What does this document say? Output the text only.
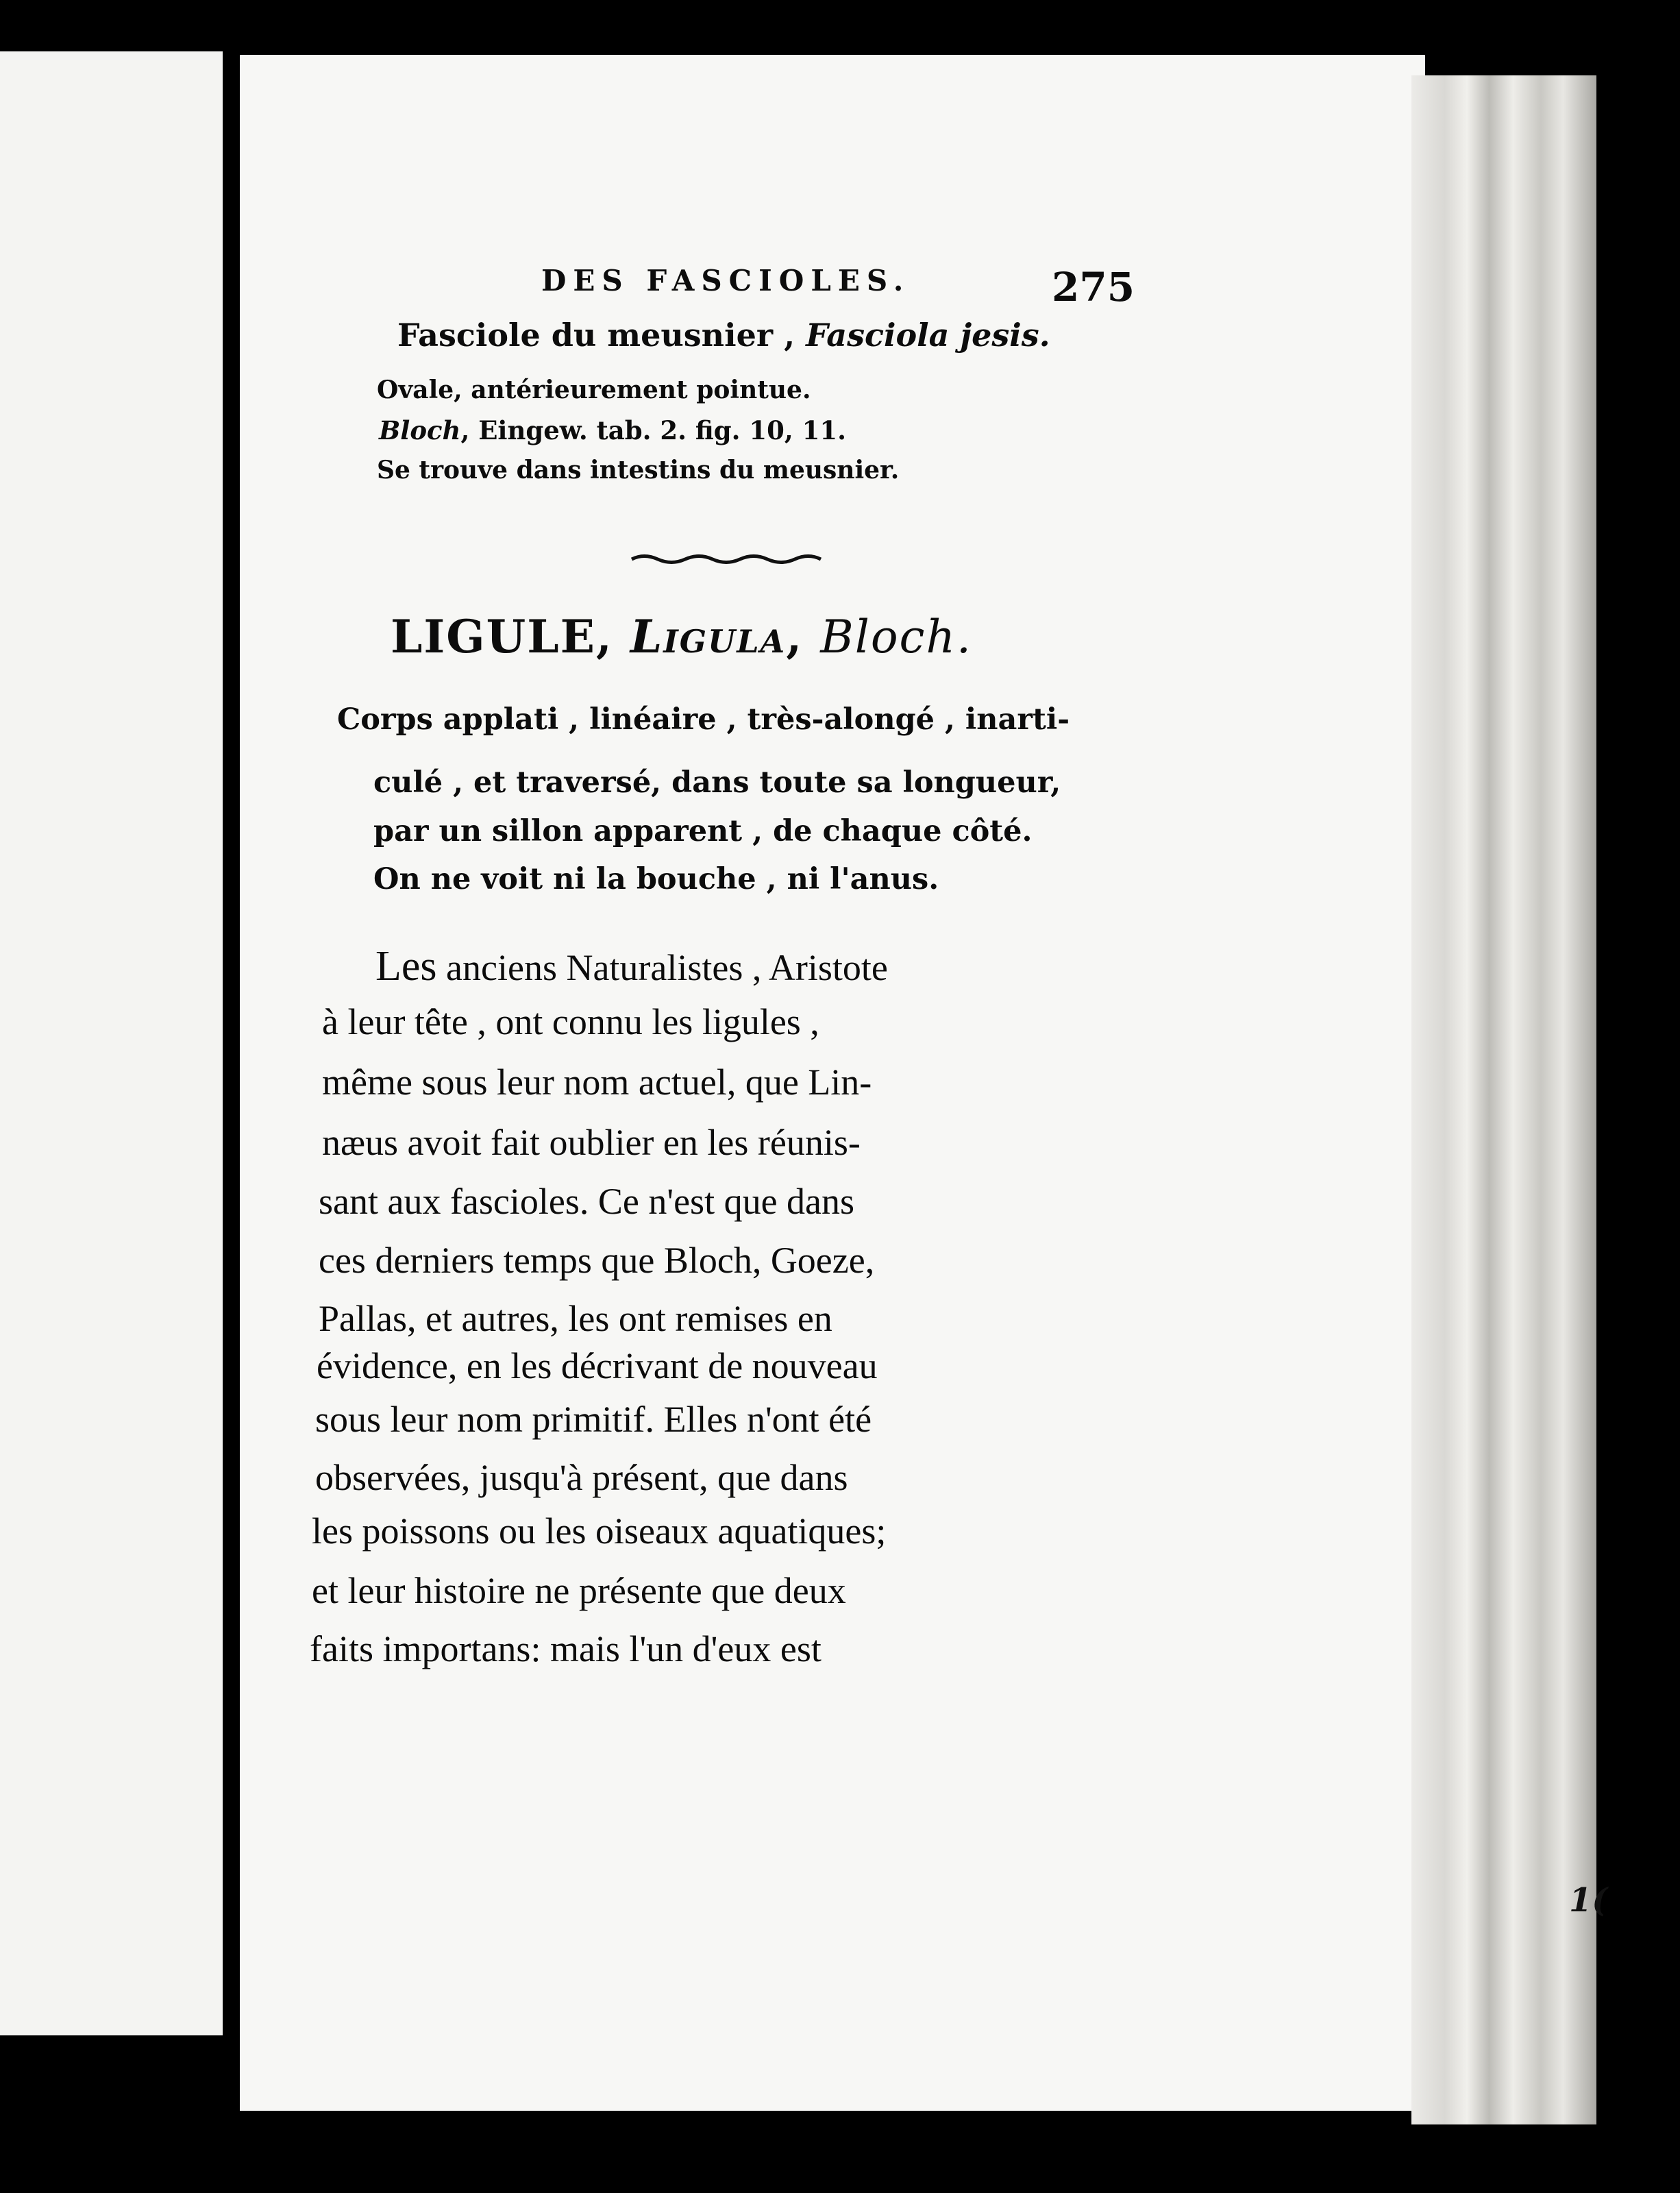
1(
DES FASCIOLES.	275
Fasciole du meusnier , Fasciola jesis.
Ovale, antérieurement pointue.
Bloch, Eingew. tab. 2. fig. 10, 11.
Se trouve dans intestins du meusnier.
LIGULE, Ligula, Bloch.
Corps applati , linéaire , très-alongé , inarti-
culé , et traversé, dans toute sa longueur,
par un sillon apparent , de chaque côté.
On ne voit ni la bouche , ni l'anus.
Les anciens Naturalistes , Aristote
à leur tête , ont connu les ligules ,
même sous leur nom actuel, que Lin-
næus avoit fait oublier en les réunis-
sant aux fascioles. Ce n'est que dans
ces derniers temps que Bloch, Goeze,
Pallas, et autres, les ont remises en
évidence, en les décrivant de nouveau
sous leur nom primitif. Elles n'ont été
observées, jusqu'à présent, que dans
les poissons ou les oiseaux aquatiques;
et leur histoire ne présente que deux
faits importans: mais l'un d'eux est
